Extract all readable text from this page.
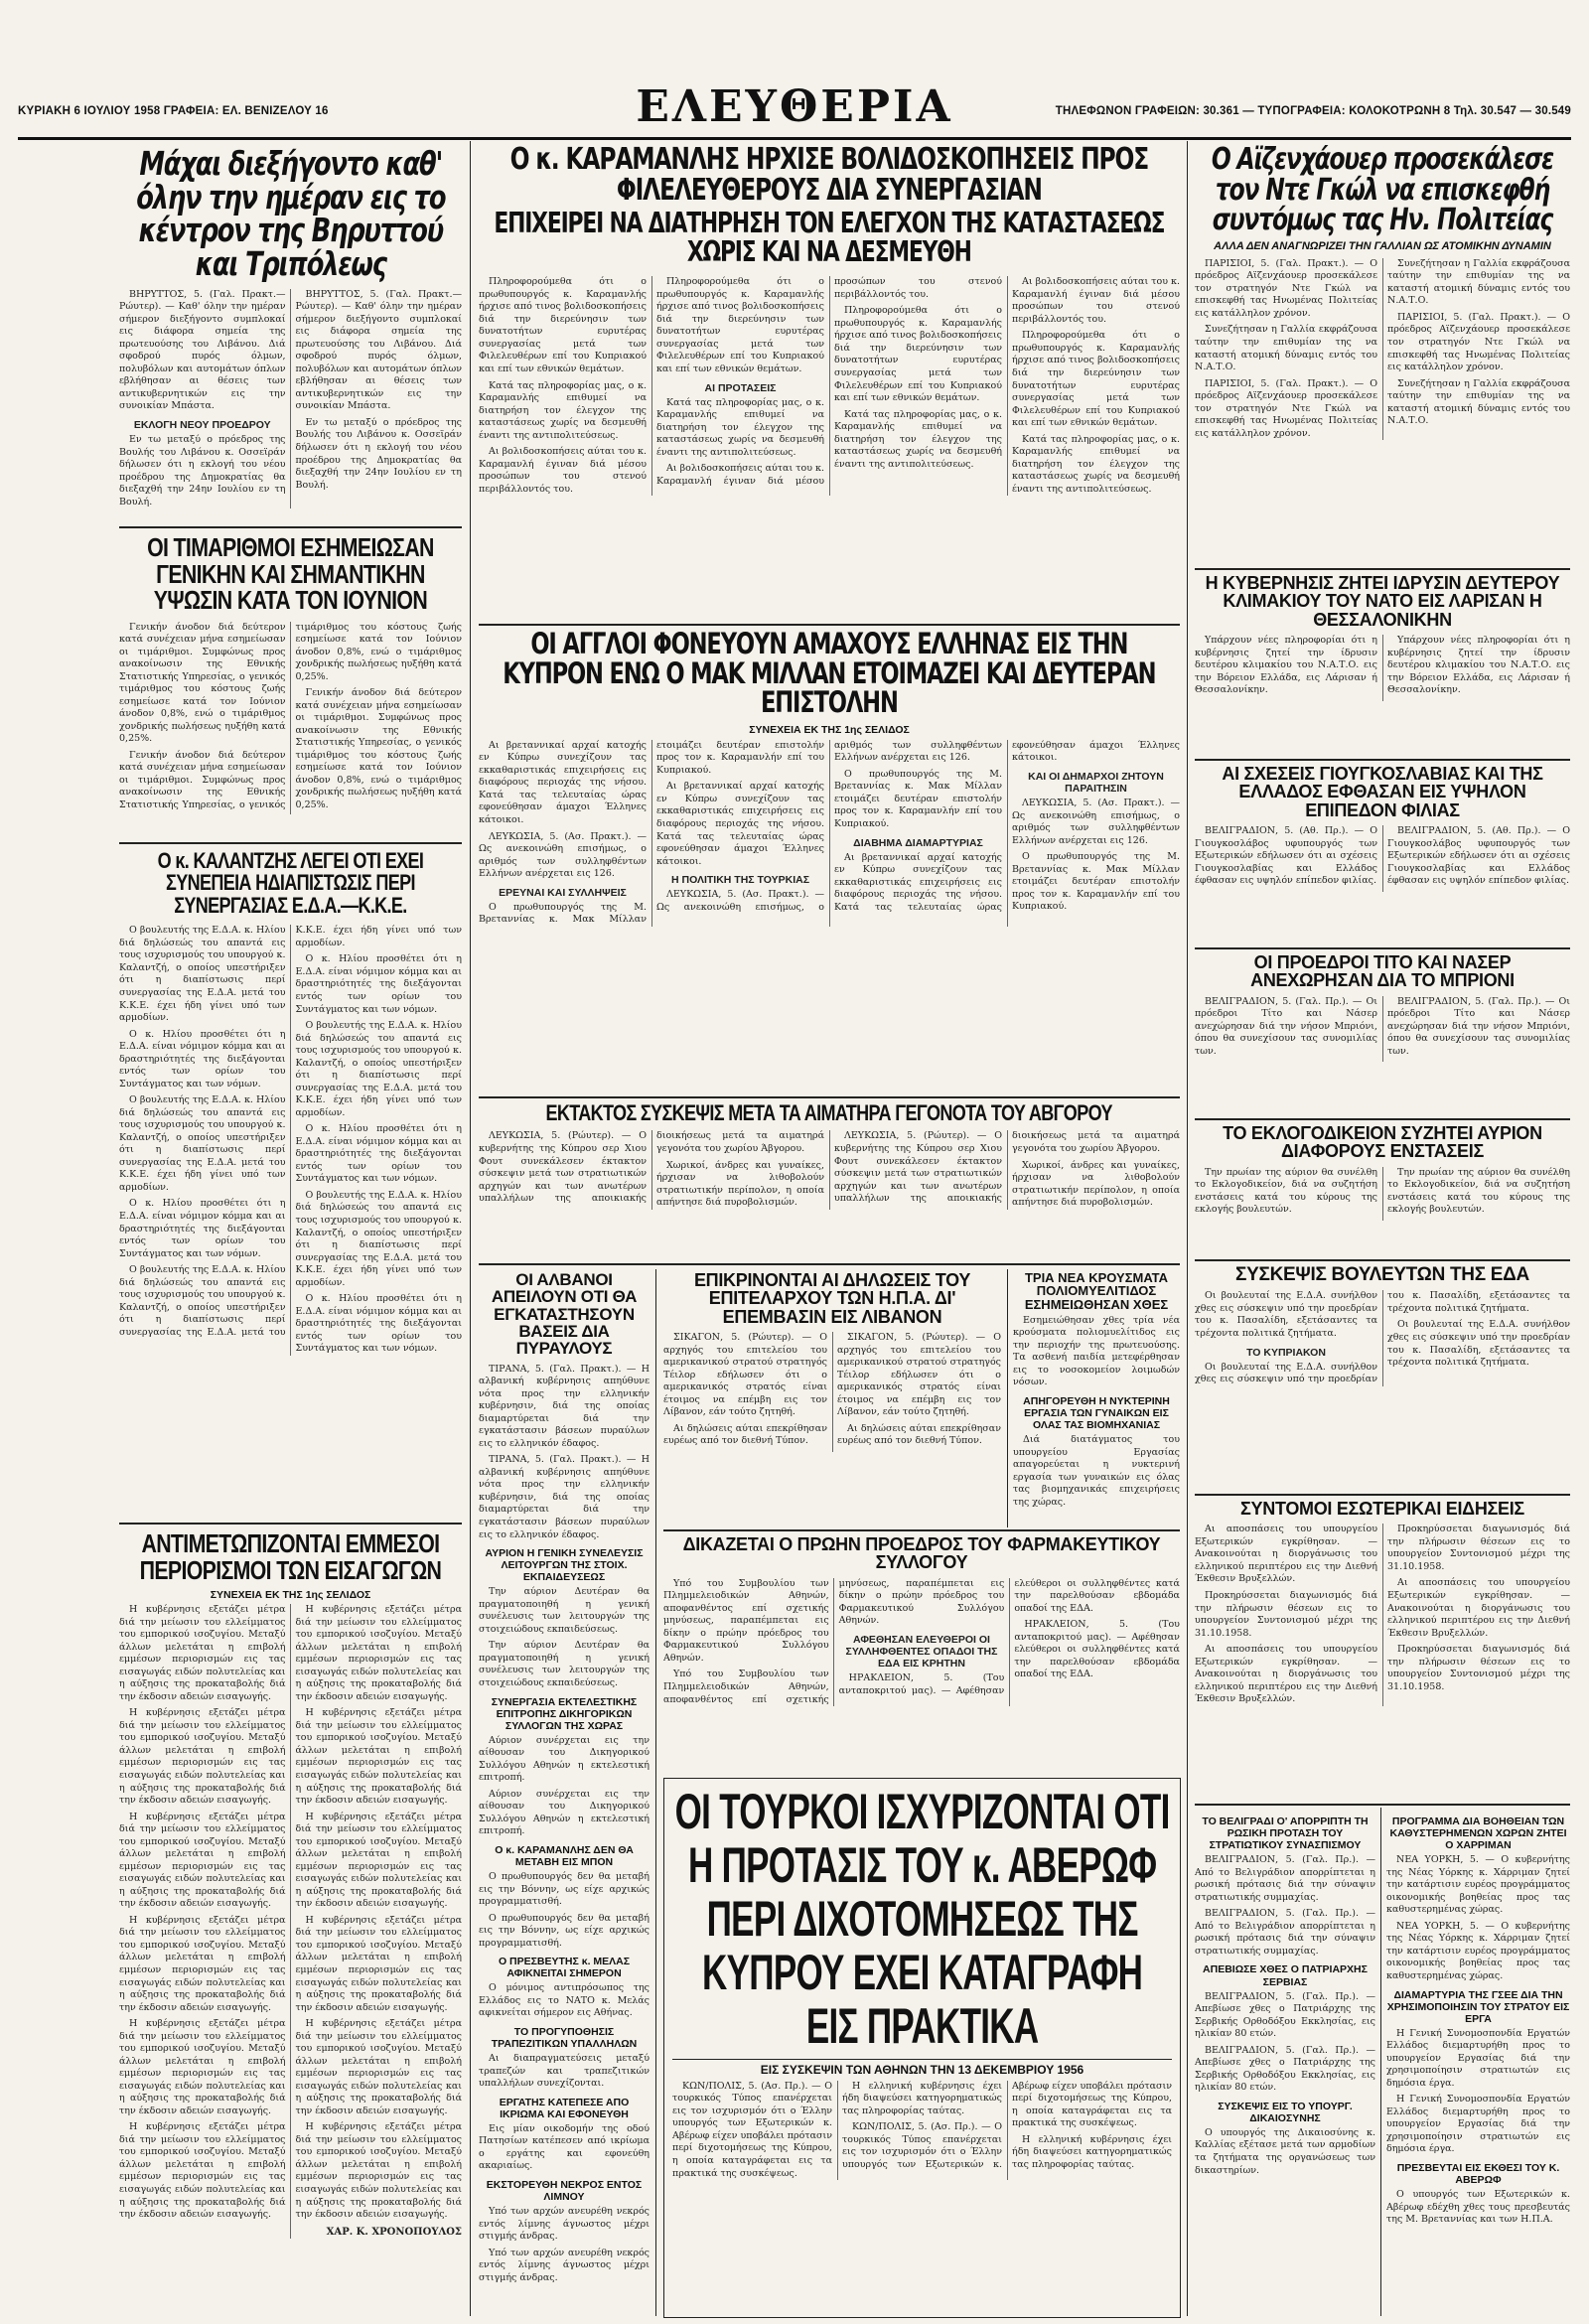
ΚΥΡΙΑΚΗ 6 ΙΟΥΛΙΟΥ 1958 ΓΡΑΦΕΙΑ: ΕΛ. ΒΕΝΙΖΕΛΟΥ 16	ΕΛΕΥΘΕΡΙΑ	ΤΗΛΕΦΩΝΟΝ ΓΡΑΦΕΙΩΝ: 30.361 — ΤΥΠΟΓΡΑΦΕΙΑ: ΚΟΛΟΚΟΤΡΩΝΗ 8 Τηλ. 30.547 — 30.549
Μάχαι διεξήγοντο καθ' όλην την ημέραν εις το κέντρον της Βηρυττού και Τριπόλεως

ΒΗΡΥΤΤΟΣ, 5. (Γαλ. Πρακτ.— Ρώυτερ). — Καθ' όλην την ημέραν σήμερον διεξήγοντο συμπλοκαί εις διάφορα σημεία της πρωτευούσης του Λιβάνου. Διά σφοδρού πυρός όλμων, πολυβόλων και αυτομάτων όπλων εβλήθησαν αι θέσεις των αντικυβερνητικών εις την συνοικίαν Μπάστα.

ΕΚΛΟΓΗ ΝΕΟΥ ΠΡΟΕΔΡΟΥ

Εν τω μεταξύ ο πρόεδρος της Βουλής του Λιβάνου κ. Οσσεϊράν δήλωσεν ότι η εκλογή του νέου προέδρου της Δημοκρατίας θα διεξαχθή την 24ην Ιουλίου εν τη Βουλή.

ΒΗΡΥΤΤΟΣ, 5. (Γαλ. Πρακτ.— Ρώυτερ). — Καθ' όλην την ημέραν σήμερον διεξήγοντο συμπλοκαί εις διάφορα σημεία της πρωτευούσης του Λιβάνου. Διά σφοδρού πυρός όλμων, πολυβόλων και αυτομάτων όπλων εβλήθησαν αι θέσεις των αντικυβερνητικών εις την συνοικίαν Μπάστα.

Εν τω μεταξύ ο πρόεδρος της Βουλής του Λιβάνου κ. Οσσεϊράν δήλωσεν ότι η εκλογή του νέου προέδρου της Δημοκρατίας θα διεξαχθή την 24ην Ιουλίου εν τη Βουλή.

ΟΙ ΤΙΜΑΡΙΘΜΟΙ ΕΣΗΜΕΙΩΣΑΝ ΓΕΝΙΚΗΝ ΚΑΙ ΣΗΜΑΝΤΙΚΗΝ ΥΨΩΣΙΝ ΚΑΤΑ ΤΟΝ ΙΟΥΝΙΟΝ

Γενικήν άνοδον διά δεύτερον κατά συνέχειαν μήνα εσημείωσαν οι τιμάριθμοι. Συμφώνως προς ανακοίνωσιν της Εθνικής Στατιστικής Υπηρεσίας, ο γενικός τιμάριθμος του κόστους ζωής εσημείωσε κατά τον Ιούνιον άνοδον 0,8%, ενώ ο τιμάριθμος χονδρικής πωλήσεως ηυξήθη κατά 0,25%.

Γενικήν άνοδον διά δεύτερον κατά συνέχειαν μήνα εσημείωσαν οι τιμάριθμοι. Συμφώνως προς ανακοίνωσιν της Εθνικής Στατιστικής Υπηρεσίας, ο γενικός τιμάριθμος του κόστους ζωής εσημείωσε κατά τον Ιούνιον άνοδον 0,8%, ενώ ο τιμάριθμος χονδρικής πωλήσεως ηυξήθη κατά 0,25%.

Γενικήν άνοδον διά δεύτερον κατά συνέχειαν μήνα εσημείωσαν οι τιμάριθμοι. Συμφώνως προς ανακοίνωσιν της Εθνικής Στατιστικής Υπηρεσίας, ο γενικός τιμάριθμος του κόστους ζωής εσημείωσε κατά τον Ιούνιον άνοδον 0,8%, ενώ ο τιμάριθμος χονδρικής πωλήσεως ηυξήθη κατά 0,25%.

Ο κ. ΚΑΛΑΝΤΖΗΣ ΛΕΓΕΙ ΟΤΙ ΕΧΕΙ ΣΥΝΕΠΕΙΑ ΗΔΙΑΠΙΣΤΩΣΙΣ ΠΕΡΙ ΣΥΝΕΡΓΑΣΙΑΣ Ε.Δ.Α.—Κ.Κ.Ε.

Ο βουλευτής της Ε.Δ.Α. κ. Ηλίου διά δηλώσεώς του απαντά εις τους ισχυρισμούς του υπουργού κ. Καλαντζή, ο οποίος υπεστήριξεν ότι η διαπίστωσις περί συνεργασίας της Ε.Δ.Α. μετά του Κ.Κ.Ε. έχει ήδη γίνει υπό των αρμοδίων.

Ο κ. Ηλίου προσθέτει ότι η Ε.Δ.Α. είναι νόμιμον κόμμα και αι δραστηριότητές της διεξάγονται εντός των ορίων του Συντάγματος και των νόμων.

Ο βουλευτής της Ε.Δ.Α. κ. Ηλίου διά δηλώσεώς του απαντά εις τους ισχυρισμούς του υπουργού κ. Καλαντζή, ο οποίος υπεστήριξεν ότι η διαπίστωσις περί συνεργασίας της Ε.Δ.Α. μετά του Κ.Κ.Ε. έχει ήδη γίνει υπό των αρμοδίων.

Ο κ. Ηλίου προσθέτει ότι η Ε.Δ.Α. είναι νόμιμον κόμμα και αι δραστηριότητές της διεξάγονται εντός των ορίων του Συντάγματος και των νόμων.

Ο βουλευτής της Ε.Δ.Α. κ. Ηλίου διά δηλώσεώς του απαντά εις τους ισχυρισμούς του υπουργού κ. Καλαντζή, ο οποίος υπεστήριξεν ότι η διαπίστωσις περί συνεργασίας της Ε.Δ.Α. μετά του Κ.Κ.Ε. έχει ήδη γίνει υπό των αρμοδίων.

Ο κ. Ηλίου προσθέτει ότι η Ε.Δ.Α. είναι νόμιμον κόμμα και αι δραστηριότητές της διεξάγονται εντός των ορίων του Συντάγματος και των νόμων.

Ο βουλευτής της Ε.Δ.Α. κ. Ηλίου διά δηλώσεώς του απαντά εις τους ισχυρισμούς του υπουργού κ. Καλαντζή, ο οποίος υπεστήριξεν ότι η διαπίστωσις περί συνεργασίας της Ε.Δ.Α. μετά του Κ.Κ.Ε. έχει ήδη γίνει υπό των αρμοδίων.

Ο κ. Ηλίου προσθέτει ότι η Ε.Δ.Α. είναι νόμιμον κόμμα και αι δραστηριότητές της διεξάγονται εντός των ορίων του Συντάγματος και των νόμων.

Ο βουλευτής της Ε.Δ.Α. κ. Ηλίου διά δηλώσεώς του απαντά εις τους ισχυρισμούς του υπουργού κ. Καλαντζή, ο οποίος υπεστήριξεν ότι η διαπίστωσις περί συνεργασίας της Ε.Δ.Α. μετά του Κ.Κ.Ε. έχει ήδη γίνει υπό των αρμοδίων.

Ο κ. Ηλίου προσθέτει ότι η Ε.Δ.Α. είναι νόμιμον κόμμα και αι δραστηριότητές της διεξάγονται εντός των ορίων του Συντάγματος και των νόμων.

ΑΝΤΙΜΕΤΩΠΙΖΟΝΤΑΙ ΕΜΜΕΣΟΙ ΠΕΡΙΟΡΙΣΜΟΙ ΤΩΝ ΕΙΣΑΓΩΓΩΝ
ΣΥΝΕΧΕΙΑ ΕΚ ΤΗΣ 1ης ΣΕΛΙΔΟΣ

Η κυβέρνησις εξετάζει μέτρα διά την μείωσιν του ελλείμματος του εμπορικού ισοζυγίου. Μεταξύ άλλων μελετάται η επιβολή εμμέσων περιορισμών εις τας εισαγωγάς ειδών πολυτελείας και η αύξησις της προκαταβολής διά την έκδοσιν αδειών εισαγωγής.

Η κυβέρνησις εξετάζει μέτρα διά την μείωσιν του ελλείμματος του εμπορικού ισοζυγίου. Μεταξύ άλλων μελετάται η επιβολή εμμέσων περιορισμών εις τας εισαγωγάς ειδών πολυτελείας και η αύξησις της προκαταβολής διά την έκδοσιν αδειών εισαγωγής.

Η κυβέρνησις εξετάζει μέτρα διά την μείωσιν του ελλείμματος του εμπορικού ισοζυγίου. Μεταξύ άλλων μελετάται η επιβολή εμμέσων περιορισμών εις τας εισαγωγάς ειδών πολυτελείας και η αύξησις της προκαταβολής διά την έκδοσιν αδειών εισαγωγής.

Η κυβέρνησις εξετάζει μέτρα διά την μείωσιν του ελλείμματος του εμπορικού ισοζυγίου. Μεταξύ άλλων μελετάται η επιβολή εμμέσων περιορισμών εις τας εισαγωγάς ειδών πολυτελείας και η αύξησις της προκαταβολής διά την έκδοσιν αδειών εισαγωγής.

Η κυβέρνησις εξετάζει μέτρα διά την μείωσιν του ελλείμματος του εμπορικού ισοζυγίου. Μεταξύ άλλων μελετάται η επιβολή εμμέσων περιορισμών εις τας εισαγωγάς ειδών πολυτελείας και η αύξησις της προκαταβολής διά την έκδοσιν αδειών εισαγωγής.

Η κυβέρνησις εξετάζει μέτρα διά την μείωσιν του ελλείμματος του εμπορικού ισοζυγίου. Μεταξύ άλλων μελετάται η επιβολή εμμέσων περιορισμών εις τας εισαγωγάς ειδών πολυτελείας και η αύξησις της προκαταβολής διά την έκδοσιν αδειών εισαγωγής.

Η κυβέρνησις εξετάζει μέτρα διά την μείωσιν του ελλείμματος του εμπορικού ισοζυγίου. Μεταξύ άλλων μελετάται η επιβολή εμμέσων περιορισμών εις τας εισαγωγάς ειδών πολυτελείας και η αύξησις της προκαταβολής διά την έκδοσιν αδειών εισαγωγής.

Η κυβέρνησις εξετάζει μέτρα διά την μείωσιν του ελλείμματος του εμπορικού ισοζυγίου. Μεταξύ άλλων μελετάται η επιβολή εμμέσων περιορισμών εις τας εισαγωγάς ειδών πολυτελείας και η αύξησις της προκαταβολής διά την έκδοσιν αδειών εισαγωγής.

Η κυβέρνησις εξετάζει μέτρα διά την μείωσιν του ελλείμματος του εμπορικού ισοζυγίου. Μεταξύ άλλων μελετάται η επιβολή εμμέσων περιορισμών εις τας εισαγωγάς ειδών πολυτελείας και η αύξησις της προκαταβολής διά την έκδοσιν αδειών εισαγωγής.

Η κυβέρνησις εξετάζει μέτρα διά την μείωσιν του ελλείμματος του εμπορικού ισοζυγίου. Μεταξύ άλλων μελετάται η επιβολή εμμέσων περιορισμών εις τας εισαγωγάς ειδών πολυτελείας και η αύξησις της προκαταβολής διά την έκδοσιν αδειών εισαγωγής.

Η κυβέρνησις εξετάζει μέτρα διά την μείωσιν του ελλείμματος του εμπορικού ισοζυγίου. Μεταξύ άλλων μελετάται η επιβολή εμμέσων περιορισμών εις τας εισαγωγάς ειδών πολυτελείας και η αύξησις της προκαταβολής διά την έκδοσιν αδειών εισαγωγής.

Η κυβέρνησις εξετάζει μέτρα διά την μείωσιν του ελλείμματος του εμπορικού ισοζυγίου. Μεταξύ άλλων μελετάται η επιβολή εμμέσων περιορισμών εις τας εισαγωγάς ειδών πολυτελείας και η αύξησις της προκαταβολής διά την έκδοσιν αδειών εισαγωγής.

ΧΑΡ. Κ. ΧΡΟΝΟΠΟΥΛΟΣ
Ο κ. ΚΑΡΑΜΑΝΛΗΣ ΗΡΧΙΣΕ ΒΟΛΙΔΟΣΚΟΠΗΣΕΙΣ ΠΡΟΣ ΦΙΛΕΛΕΥΘΕΡΟΥΣ ΔΙΑ ΣΥΝΕΡΓΑΣΙΑΝ
ΕΠΙΧΕΙΡΕΙ ΝΑ ΔΙΑΤΗΡΗΣΗ ΤΟΝ ΕΛΕΓΧΟΝ ΤΗΣ ΚΑΤΑΣΤΑΣΕΩΣ ΧΩΡΙΣ ΚΑΙ ΝΑ ΔΕΣΜΕΥΘΗ

Πληροφορούμεθα ότι ο πρωθυπουργός κ. Καραμανλής ήρχισε από τινος βολιδοσκοπήσεις διά την διερεύνησιν των δυνατοτήτων ευρυτέρας συνεργασίας μετά των Φιλελευθέρων επί του Κυπριακού και επί των εθνικών θεμάτων.

Κατά τας πληροφορίας μας, ο κ. Καραμανλής επιθυμεί να διατηρήση τον έλεγχον της καταστάσεως χωρίς να δεσμευθή έναντι της αντιπολιτεύσεως.

Αι βολιδοσκοπήσεις αύται του κ. Καραμανλή έγιναν διά μέσου προσώπων του στενού περιβάλλοντός του.

Πληροφορούμεθα ότι ο πρωθυπουργός κ. Καραμανλής ήρχισε από τινος βολιδοσκοπήσεις διά την διερεύνησιν των δυνατοτήτων ευρυτέρας συνεργασίας μετά των Φιλελευθέρων επί του Κυπριακού και επί των εθνικών θεμάτων.

ΑΙ ΠΡΟΤΑΣΕΙΣ

Κατά τας πληροφορίας μας, ο κ. Καραμανλής επιθυμεί να διατηρήση τον έλεγχον της καταστάσεως χωρίς να δεσμευθή έναντι της αντιπολιτεύσεως.

Αι βολιδοσκοπήσεις αύται του κ. Καραμανλή έγιναν διά μέσου προσώπων του στενού περιβάλλοντός του.

Πληροφορούμεθα ότι ο πρωθυπουργός κ. Καραμανλής ήρχισε από τινος βολιδοσκοπήσεις διά την διερεύνησιν των δυνατοτήτων ευρυτέρας συνεργασίας μετά των Φιλελευθέρων επί του Κυπριακού και επί των εθνικών θεμάτων.

Κατά τας πληροφορίας μας, ο κ. Καραμανλής επιθυμεί να διατηρήση τον έλεγχον της καταστάσεως χωρίς να δεσμευθή έναντι της αντιπολιτεύσεως.

Αι βολιδοσκοπήσεις αύται του κ. Καραμανλή έγιναν διά μέσου προσώπων του στενού περιβάλλοντός του.

Πληροφορούμεθα ότι ο πρωθυπουργός κ. Καραμανλής ήρχισε από τινος βολιδοσκοπήσεις διά την διερεύνησιν των δυνατοτήτων ευρυτέρας συνεργασίας μετά των Φιλελευθέρων επί του Κυπριακού και επί των εθνικών θεμάτων.

Κατά τας πληροφορίας μας, ο κ. Καραμανλής επιθυμεί να διατηρήση τον έλεγχον της καταστάσεως χωρίς να δεσμευθή έναντι της αντιπολιτεύσεως.

ΟΙ ΑΓΓΛΟΙ ΦΟΝΕΥΟΥΝ ΑΜΑΧΟΥΣ ΕΛΛΗΝΑΣ ΕΙΣ ΤΗΝ ΚΥΠΡΟΝ ΕΝΩ Ο ΜΑΚ ΜΙΛΛΑΝ ΕΤΟΙΜΑΖΕΙ ΚΑΙ ΔΕΥΤΕΡΑΝ ΕΠΙΣΤΟΛΗΝ
ΣΥΝΕΧΕΙΑ ΕΚ ΤΗΣ 1ης ΣΕΛΙΔΟΣ

Αι βρεταννικαί αρχαί κατοχής εν Κύπρω συνεχίζουν τας εκκαθαριστικάς επιχειρήσεις εις διαφόρους περιοχάς της νήσου. Κατά τας τελευταίας ώρας εφονεύθησαν άμαχοι Έλληνες κάτοικοι.

ΛΕΥΚΩΣΙΑ, 5. (Ασ. Πρακτ.). — Ως ανεκοινώθη επισήμως, ο αριθμός των συλληφθέντων Ελλήνων ανέρχεται εις 126.

ΕΡΕΥΝΑΙ ΚΑΙ ΣΥΛΛΗΨΕΙΣ

Ο πρωθυπουργός της Μ. Βρεταννίας κ. Μακ Μίλλαν ετοιμάζει δευτέραν επιστολήν προς τον κ. Καραμανλήν επί του Κυπριακού.

Αι βρεταννικαί αρχαί κατοχής εν Κύπρω συνεχίζουν τας εκκαθαριστικάς επιχειρήσεις εις διαφόρους περιοχάς της νήσου. Κατά τας τελευταίας ώρας εφονεύθησαν άμαχοι Έλληνες κάτοικοι.

Η ΠΟΛΙΤΙΚΗ ΤΗΣ ΤΟΥΡΚΙΑΣ

ΛΕΥΚΩΣΙΑ, 5. (Ασ. Πρακτ.). — Ως ανεκοινώθη επισήμως, ο αριθμός των συλληφθέντων Ελλήνων ανέρχεται εις 126.

Ο πρωθυπουργός της Μ. Βρεταννίας κ. Μακ Μίλλαν ετοιμάζει δευτέραν επιστολήν προς τον κ. Καραμανλήν επί του Κυπριακού.

ΔΙΑΒΗΜΑ ΔΙΑΜΑΡΤΥΡΙΑΣ

Αι βρεταννικαί αρχαί κατοχής εν Κύπρω συνεχίζουν τας εκκαθαριστικάς επιχειρήσεις εις διαφόρους περιοχάς της νήσου. Κατά τας τελευταίας ώρας εφονεύθησαν άμαχοι Έλληνες κάτοικοι.

ΚΑΙ ΟΙ ΔΗΜΑΡΧΟΙ ΖΗΤΟΥΝ ΠΑΡΑΙΤΗΣΙΝ

ΛΕΥΚΩΣΙΑ, 5. (Ασ. Πρακτ.). — Ως ανεκοινώθη επισήμως, ο αριθμός των συλληφθέντων Ελλήνων ανέρχεται εις 126.

Ο πρωθυπουργός της Μ. Βρεταννίας κ. Μακ Μίλλαν ετοιμάζει δευτέραν επιστολήν προς τον κ. Καραμανλήν επί του Κυπριακού.

ΕΚΤΑΚΤΟΣ ΣΥΣΚΕΨΙΣ ΜΕΤΑ ΤΑ ΑΙΜΑΤΗΡΑ ΓΕΓΟΝΟΤΑ ΤΟΥ ΑΒΓΟΡΟΥ

ΛΕΥΚΩΣΙΑ, 5. (Ρώυτερ). — Ο κυβερνήτης της Κύπρου σερ Χιου Φουτ συνεκάλεσεν έκτακτον σύσκεψιν μετά των στρατιωτικών αρχηγών και των ανωτέρων υπαλλήλων της αποικιακής διοικήσεως μετά τα αιματηρά γεγονότα του χωρίου Άβγορου.

Χωρικοί, άνδρες και γυναίκες, ήρχισαν να λιθοβολούν στρατιωτικήν περίπολον, η οποία απήντησε διά πυροβολισμών.

ΛΕΥΚΩΣΙΑ, 5. (Ρώυτερ). — Ο κυβερνήτης της Κύπρου σερ Χιου Φουτ συνεκάλεσεν έκτακτον σύσκεψιν μετά των στρατιωτικών αρχηγών και των ανωτέρων υπαλλήλων της αποικιακής διοικήσεως μετά τα αιματηρά γεγονότα του χωρίου Άβγορου.

Χωρικοί, άνδρες και γυναίκες, ήρχισαν να λιθοβολούν στρατιωτικήν περίπολον, η οποία απήντησε διά πυροβολισμών.

ΟΙ ΑΛΒΑΝΟΙ ΑΠΕΙΛΟΥΝ ΟΤΙ ΘΑ ΕΓΚΑΤΑΣΤΗΣΟΥΝ ΒΑΣΕΙΣ ΔΙΑ ΠΥΡΑΥΛΟΥΣ

ΤΙΡΑΝΑ, 5. (Γαλ. Πρακτ.). — Η αλβανική κυβέρνησις απηύθυνε νότα προς την ελληνικήν κυβέρνησιν, διά της οποίας διαμαρτύρεται διά την εγκατάστασιν βάσεων πυραύλων εις το ελληνικόν έδαφος.

ΤΙΡΑΝΑ, 5. (Γαλ. Πρακτ.). — Η αλβανική κυβέρνησις απηύθυνε νότα προς την ελληνικήν κυβέρνησιν, διά της οποίας διαμαρτύρεται διά την εγκατάστασιν βάσεων πυραύλων εις το ελληνικόν έδαφος.

ΑΥΡΙΟΝ Η ΓΕΝΙΚΗ ΣΥΝΕΛΕΥΣΙΣ ΛΕΙΤΟΥΡΓΩΝ ΤΗΣ ΣΤΟΙΧ. ΕΚΠΑΙΔΕΥΣΕΩΣ

Την αύριον Δευτέραν θα πραγματοποιηθή η γενική συνέλευσις των λειτουργών της στοιχειώδους εκπαιδεύσεως.

Την αύριον Δευτέραν θα πραγματοποιηθή η γενική συνέλευσις των λειτουργών της στοιχειώδους εκπαιδεύσεως.

ΣΥΝΕΡΓΑΣΙΑ ΕΚΤΕΛΕΣΤΙΚΗΣ ΕΠΙΤΡΟΠΗΣ ΔΙΚΗΓΟΡΙΚΩΝ ΣΥΛΛΟΓΩΝ ΤΗΣ ΧΩΡΑΣ

Αύριον συνέρχεται εις την αίθουσαν του Δικηγορικού Συλλόγου Αθηνών η εκτελεστική επιτροπή.

Αύριον συνέρχεται εις την αίθουσαν του Δικηγορικού Συλλόγου Αθηνών η εκτελεστική επιτροπή.

Ο κ. ΚΑΡΑΜΑΝΛΗΣ ΔΕΝ ΘΑ ΜΕΤΑΒΗ ΕΙΣ ΜΠΟΝ

Ο πρωθυπουργός δεν θα μεταβή εις την Βόννην, ως είχε αρχικώς προγραμματισθή.

Ο πρωθυπουργός δεν θα μεταβή εις την Βόννην, ως είχε αρχικώς προγραμματισθή.

Ο ΠΡΕΣΒΕΥΤΗΣ κ. ΜΕΛΑΣ ΑΦΙΚΝΕΙΤΑΙ ΣΗΜΕΡΟΝ

Ο μόνιμος αντιπρόσωπος της Ελλάδος εις το ΝΑΤΟ κ. Μελάς αφικνείται σήμερον εις Αθήνας.

ΤΟ ΠΡΟΓΥΠΟΘΗΣΙΣ ΤΡΑΠΕΖΙΤΙΚΩΝ ΥΠΑΛΛΗΛΩΝ

Αι διαπραγματεύσεις μεταξύ τραπεζών και τραπεζιτικών υπαλλήλων συνεχίζονται.

ΕΡΓΑΤΗΣ ΚΑΤΕΠΕΣΕ ΑΠΟ ΙΚΡΙΩΜΑ ΚΑΙ ΕΦΟΝΕΥΘΗ

Εις μίαν οικοδομήν της οδού Πατησίων κατέπεσεν από ικρίωμα ο εργάτης και εφονεύθη ακαριαίως.

ΕΚΣΤΟΡΕΥΘΗ ΝΕΚΡΟΣ ΕΝΤΟΣ ΛΙΜΝΟΥ

Υπό των αρχών ανευρέθη νεκρός εντός λίμνης άγνωστος μέχρι στιγμής άνδρας.

Υπό των αρχών ανευρέθη νεκρός εντός λίμνης άγνωστος μέχρι στιγμής άνδρας.

ΕΠΙΚΡΙΝΟΝΤΑΙ ΑΙ ΔΗΛΩΣΕΙΣ ΤΟΥ ΕΠΙΤΕΛΑΡΧΟΥ ΤΩΝ Η.Π.Α. ΔΙ' ΕΠΕΜΒΑΣΙΝ ΕΙΣ ΛΙΒΑΝΟΝ

ΣΙΚΑΓΟΝ, 5. (Ρώυτερ). — Ο αρχηγός του επιτελείου του αμερικανικού στρατού στρατηγός Τέιλορ εδήλωσεν ότι ο αμερικανικός στρατός είναι έτοιμος να επέμβη εις τον Λίβανον, εάν τούτο ζητηθή.

Αι δηλώσεις αύται επεκρίθησαν ευρέως από τον διεθνή Τύπον.

ΣΙΚΑΓΟΝ, 5. (Ρώυτερ). — Ο αρχηγός του επιτελείου του αμερικανικού στρατού στρατηγός Τέιλορ εδήλωσεν ότι ο αμερικανικός στρατός είναι έτοιμος να επέμβη εις τον Λίβανον, εάν τούτο ζητηθή.

Αι δηλώσεις αύται επεκρίθησαν ευρέως από τον διεθνή Τύπον.

ΤΡΙΑ ΝΕΑ ΚΡΟΥΣΜΑΤΑ ΠΟΛΙΟΜΥΕΛΙΤΙΔΟΣ ΕΣΗΜΕΙΩΘΗΣΑΝ ΧΘΕΣ

Εσημειώθησαν χθες τρία νέα κρούσματα πολιομυελίτιδος εις την περιοχήν της πρωτευούσης. Τα ασθενή παιδία μετεφέρθησαν εις το νοσοκομείον λοιμωδών νόσων.

ΑΠΗΓΟΡΕΥΘΗ Η ΝΥΚΤΕΡΙΝΗ ΕΡΓΑΣΙΑ ΤΩΝ ΓΥΝΑΙΚΩΝ ΕΙΣ ΟΛΑΣ ΤΑΣ ΒΙΟΜΗΧΑΝΙΑΣ

Διά διατάγματος του υπουργείου Εργασίας απαγορεύεται η νυκτερινή εργασία των γυναικών εις όλας τας βιομηχανικάς επιχειρήσεις της χώρας.

ΔΙΚΑΖΕΤΑΙ Ο ΠΡΩΗΝ ΠΡΟΕΔΡΟΣ ΤΟΥ ΦΑΡΜΑΚΕΥΤΙΚΟΥ ΣΥΛΛΟΓΟΥ

Υπό του Συμβουλίου των Πλημμελειοδικών Αθηνών, αποφανθέντος επί σχετικής μηνύσεως, παραπέμπεται εις δίκην ο πρώην πρόεδρος του Φαρμακευτικού Συλλόγου Αθηνών.

Υπό του Συμβουλίου των Πλημμελειοδικών Αθηνών, αποφανθέντος επί σχετικής μηνύσεως, παραπέμπεται εις δίκην ο πρώην πρόεδρος του Φαρμακευτικού Συλλόγου Αθηνών.

ΑΦΕΘΗΣΑΝ ΕΛΕΥΘΕΡΟΙ ΟΙ ΣΥΛΛΗΦΘΕΝΤΕΣ ΟΠΑΔΟΙ ΤΗΣ ΕΔΑ ΕΙΣ ΚΡΗΤΗΝ

ΗΡΑΚΛΕΙΟΝ, 5. (Του ανταποκριτού μας). — Αφέθησαν ελεύθεροι οι συλληφθέντες κατά την παρελθούσαν εβδομάδα οπαδοί της ΕΔΑ.

ΗΡΑΚΛΕΙΟΝ, 5. (Του ανταποκριτού μας). — Αφέθησαν ελεύθεροι οι συλληφθέντες κατά την παρελθούσαν εβδομάδα οπαδοί της ΕΔΑ.

ΟΙ ΤΟΥΡΚΟΙ ΙΣΧΥΡΙΖΟΝΤΑΙ ΟΤΙ Η ΠΡΟΤΑΣΙΣ ΤΟΥ κ. ΑΒΕΡΩΦ ΠΕΡΙ ΔΙΧΟΤΟΜΗΣΕΩΣ ΤΗΣ ΚΥΠΡΟΥ ΕΧΕΙ ΚΑΤΑΓΡΑΦΗ ΕΙΣ ΠΡΑΚΤΙΚΑ
ΕΙΣ ΣΥΣΚΕΨΙΝ ΤΩΝ ΑΘΗΝΩΝ ΤΗΝ 13 ΔΕΚΕΜΒΡΙΟΥ 1956

ΚΩΝ/ΠΟΛΙΣ, 5. (Ασ. Πρ.). — Ο τουρκικός Τύπος επανέρχεται εις τον ισχυρισμόν ότι ο Έλλην υπουργός των Εξωτερικών κ. Αβέρωφ είχεν υποβάλει πρότασιν περί διχοτομήσεως της Κύπρου, η οποία καταγράφεται εις τα πρακτικά της συσκέψεως.

Η ελληνική κυβέρνησις έχει ήδη διαψεύσει κατηγορηματικώς τας πληροφορίας ταύτας.

ΚΩΝ/ΠΟΛΙΣ, 5. (Ασ. Πρ.). — Ο τουρκικός Τύπος επανέρχεται εις τον ισχυρισμόν ότι ο Έλλην υπουργός των Εξωτερικών κ. Αβέρωφ είχεν υποβάλει πρότασιν περί διχοτομήσεως της Κύπρου, η οποία καταγράφεται εις τα πρακτικά της συσκέψεως.

Η ελληνική κυβέρνησις έχει ήδη διαψεύσει κατηγορηματικώς τας πληροφορίας ταύτας.

Ο Αϊζενχάουερ προσεκάλεσε τον Ντε Γκώλ να επισκεφθή συντόμως τας Ην. Πολιτείας
ΑΛΛΑ ΔΕΝ ΑΝΑΓΝΩΡΙΖΕΙ ΤΗΝ ΓΑΛΛΙΑΝ ΩΣ ΑΤΟΜΙΚΗΝ ΔΥΝΑΜΙΝ

ΠΑΡΙΣΙΟΙ, 5. (Γαλ. Πρακτ.). — Ο πρόεδρος Αϊζενχάουερ προσεκάλεσε τον στρατηγόν Ντε Γκώλ να επισκεφθή τας Ηνωμένας Πολιτείας εις κατάλληλον χρόνον.

Συνεζήτησαν η Γαλλία εκφράζουσα ταύτην την επιθυμίαν της να καταστή ατομική δύναμις εντός του Ν.Α.Τ.Ο.

ΠΑΡΙΣΙΟΙ, 5. (Γαλ. Πρακτ.). — Ο πρόεδρος Αϊζενχάουερ προσεκάλεσε τον στρατηγόν Ντε Γκώλ να επισκεφθή τας Ηνωμένας Πολιτείας εις κατάλληλον χρόνον.

Συνεζήτησαν η Γαλλία εκφράζουσα ταύτην την επιθυμίαν της να καταστή ατομική δύναμις εντός του Ν.Α.Τ.Ο.

ΠΑΡΙΣΙΟΙ, 5. (Γαλ. Πρακτ.). — Ο πρόεδρος Αϊζενχάουερ προσεκάλεσε τον στρατηγόν Ντε Γκώλ να επισκεφθή τας Ηνωμένας Πολιτείας εις κατάλληλον χρόνον.

Συνεζήτησαν η Γαλλία εκφράζουσα ταύτην την επιθυμίαν της να καταστή ατομική δύναμις εντός του Ν.Α.Τ.Ο.

Η ΚΥΒΕΡΝΗΣΙΣ ΖΗΤΕΙ ΙΔΡΥΣΙΝ ΔΕΥΤΕΡΟΥ ΚΛΙΜΑΚΙΟΥ ΤΟΥ ΝΑΤΟ ΕΙΣ ΛΑΡΙΣΑΝ Η ΘΕΣΣΑΛΟΝΙΚΗΝ

Υπάρχουν νέες πληροφορίαι ότι η κυβέρνησις ζητεί την ίδρυσιν δευτέρου κλιμακίου του Ν.Α.Τ.Ο. εις την Βόρειον Ελλάδα, εις Λάρισαν ή Θεσσαλονίκην.

Υπάρχουν νέες πληροφορίαι ότι η κυβέρνησις ζητεί την ίδρυσιν δευτέρου κλιμακίου του Ν.Α.Τ.Ο. εις την Βόρειον Ελλάδα, εις Λάρισαν ή Θεσσαλονίκην.

ΑΙ ΣΧΕΣΕΙΣ ΓΙΟΥΓΚΟΣΛΑΒΙΑΣ ΚΑΙ ΤΗΣ ΕΛΛΑΔΟΣ ΕΦΘΑΣΑΝ ΕΙΣ ΥΨΗΛΟΝ ΕΠΙΠΕΔΟΝ ΦΙΛΙΑΣ

ΒΕΛΙΓΡΑΔΙΟΝ, 5. (Αθ. Πρ.). — Ο Γιουγκοσλάβος υφυπουργός των Εξωτερικών εδήλωσεν ότι αι σχέσεις Γιουγκοσλαβίας και Ελλάδος έφθασαν εις υψηλόν επίπεδον φιλίας.

ΒΕΛΙΓΡΑΔΙΟΝ, 5. (Αθ. Πρ.). — Ο Γιουγκοσλάβος υφυπουργός των Εξωτερικών εδήλωσεν ότι αι σχέσεις Γιουγκοσλαβίας και Ελλάδος έφθασαν εις υψηλόν επίπεδον φιλίας.

ΟΙ ΠΡΟΕΔΡΟΙ ΤΙΤΟ ΚΑΙ ΝΑΣΕΡ ΑΝΕΧΩΡΗΣΑΝ ΔΙΑ ΤΟ ΜΠΡΙΟΝΙ

ΒΕΛΙΓΡΑΔΙΟΝ, 5. (Γαλ. Πρ.). — Οι πρόεδροι Τίτο και Νάσερ ανεχώρησαν διά την νήσον Μπριόνι, όπου θα συνεχίσουν τας συνομιλίας των.

ΒΕΛΙΓΡΑΔΙΟΝ, 5. (Γαλ. Πρ.). — Οι πρόεδροι Τίτο και Νάσερ ανεχώρησαν διά την νήσον Μπριόνι, όπου θα συνεχίσουν τας συνομιλίας των.

ΤΟ ΕΚΛΟΓΟΔΙΚΕΙΟΝ ΣΥΖΗΤΕΙ ΑΥΡΙΟΝ ΔΙΑΦΟΡΟΥΣ ΕΝΣΤΑΣΕΙΣ

Την πρωίαν της αύριον θα συνέλθη το Εκλογοδικείον, διά να συζητήση ενστάσεις κατά του κύρους της εκλογής βουλευτών.

Την πρωίαν της αύριον θα συνέλθη το Εκλογοδικείον, διά να συζητήση ενστάσεις κατά του κύρους της εκλογής βουλευτών.

ΣΥΣΚΕΨΙΣ ΒΟΥΛΕΥΤΩΝ ΤΗΣ ΕΔΑ

Οι βουλευταί της Ε.Δ.Α. συνήλθον χθες εις σύσκεψιν υπό την προεδρίαν του κ. Πασαλίδη, εξετάσαντες τα τρέχοντα πολιτικά ζητήματα.

ΤΟ ΚΥΠΡΙΑΚΟΝ

Οι βουλευταί της Ε.Δ.Α. συνήλθον χθες εις σύσκεψιν υπό την προεδρίαν του κ. Πασαλίδη, εξετάσαντες τα τρέχοντα πολιτικά ζητήματα.

Οι βουλευταί της Ε.Δ.Α. συνήλθον χθες εις σύσκεψιν υπό την προεδρίαν του κ. Πασαλίδη, εξετάσαντες τα τρέχοντα πολιτικά ζητήματα.

ΣΥΝΤΟΜΟΙ ΕΣΩΤΕΡΙΚΑΙ ΕΙΔΗΣΕΙΣ

Αι αποσπάσεις του υπουργείου Εξωτερικών εγκρίθησαν. — Ανακοινούται η διοργάνωσις του ελληνικού περιπτέρου εις την Διεθνή Έκθεσιν Βρυξελλών.

Προκηρύσσεται διαγωνισμός διά την πλήρωσιν θέσεων εις το υπουργείον Συντονισμού μέχρι της 31.10.1958.

Αι αποσπάσεις του υπουργείου Εξωτερικών εγκρίθησαν. — Ανακοινούται η διοργάνωσις του ελληνικού περιπτέρου εις την Διεθνή Έκθεσιν Βρυξελλών.

Προκηρύσσεται διαγωνισμός διά την πλήρωσιν θέσεων εις το υπουργείον Συντονισμού μέχρι της 31.10.1958.

Αι αποσπάσεις του υπουργείου Εξωτερικών εγκρίθησαν. — Ανακοινούται η διοργάνωσις του ελληνικού περιπτέρου εις την Διεθνή Έκθεσιν Βρυξελλών.

Προκηρύσσεται διαγωνισμός διά την πλήρωσιν θέσεων εις το υπουργείον Συντονισμού μέχρι της 31.10.1958.

ΤΟ ΒΕΛΙΓΡΑΔΙ Ο' ΑΠΟΡΡΙΠΤΗ ΤΗ ΡΩΣΙΚΗ ΠΡΟΤΑΣΗ ΤΟΥ ΣΤΡΑΤΙΩΤΙΚΟΥ ΣΥΝΑΣΠΙΣΜΟΥ

ΒΕΛΙΓΡΑΔΙΟΝ, 5. (Γαλ. Πρ.). — Από το Βελιγράδιον απορρίπτεται η ρωσική πρότασις διά την σύναψιν στρατιωτικής συμμαχίας.

ΒΕΛΙΓΡΑΔΙΟΝ, 5. (Γαλ. Πρ.). — Από το Βελιγράδιον απορρίπτεται η ρωσική πρότασις διά την σύναψιν στρατιωτικής συμμαχίας.

ΑΠΕΒΙΩΣΕ ΧΘΕΣ Ο ΠΑΤΡΙΑΡΧΗΣ ΣΕΡΒΙΑΣ

ΒΕΛΙΓΡΑΔΙΟΝ, 5. (Γαλ. Πρ.). — Απεβίωσε χθες ο Πατριάρχης της Σερβικής Ορθοδόξου Εκκλησίας, εις ηλικίαν 80 ετών.

ΒΕΛΙΓΡΑΔΙΟΝ, 5. (Γαλ. Πρ.). — Απεβίωσε χθες ο Πατριάρχης της Σερβικής Ορθοδόξου Εκκλησίας, εις ηλικίαν 80 ετών.

ΣΥΣΚΕΨΙΣ ΕΙΣ ΤΟ ΥΠΟΥΡΓ. ΔΙΚΑΙΟΣΥΝΗΣ

Ο υπουργός της Δικαιοσύνης κ. Καλλίας εξέτασε μετά των αρμοδίων τα ζητήματα της οργανώσεως των δικαστηρίων.

ΠΡΟΓΡΑΜΜΑ ΔΙΑ ΒΟΗΘΕΙΑΝ ΤΩΝ ΚΑΘΥΣΤΕΡΗΜΕΝΩΝ ΧΩΡΩΝ ΖΗΤΕΙ Ο ΧΑΡΡΙΜΑΝ

ΝΕΑ ΥΟΡΚΗ, 5. — Ο κυβερνήτης της Νέας Υόρκης κ. Χάρριμαν ζητεί την κατάρτισιν ευρέος προγράμματος οικονομικής βοηθείας προς τας καθυστερημένας χώρας.

ΝΕΑ ΥΟΡΚΗ, 5. — Ο κυβερνήτης της Νέας Υόρκης κ. Χάρριμαν ζητεί την κατάρτισιν ευρέος προγράμματος οικονομικής βοηθείας προς τας καθυστερημένας χώρας.

ΔΙΑΜΑΡΤΥΡΙΑ ΤΗΣ ΓΣΕΕ ΔΙΑ ΤΗΝ ΧΡΗΣΙΜΟΠΟΙΗΣΙΝ ΤΟΥ ΣΤΡΑΤΟΥ ΕΙΣ ΕΡΓΑ

Η Γενική Συνομοσπονδία Εργατών Ελλάδος διεμαρτυρήθη προς το υπουργείον Εργασίας διά την χρησιμοποίησιν στρατιωτών εις δημόσια έργα.

Η Γενική Συνομοσπονδία Εργατών Ελλάδος διεμαρτυρήθη προς το υπουργείον Εργασίας διά την χρησιμοποίησιν στρατιωτών εις δημόσια έργα.

ΠΡΕΣΒΕΥΤΑΙ ΕΙΣ ΕΚΘΕΣΙ ΤΟΥ Κ. ΑΒΕΡΩΦ

Ο υπουργός των Εξωτερικών κ. Αβέρωφ εδέχθη χθες τους πρεσβευτάς της Μ. Βρεταννίας και των Η.Π.Α.
